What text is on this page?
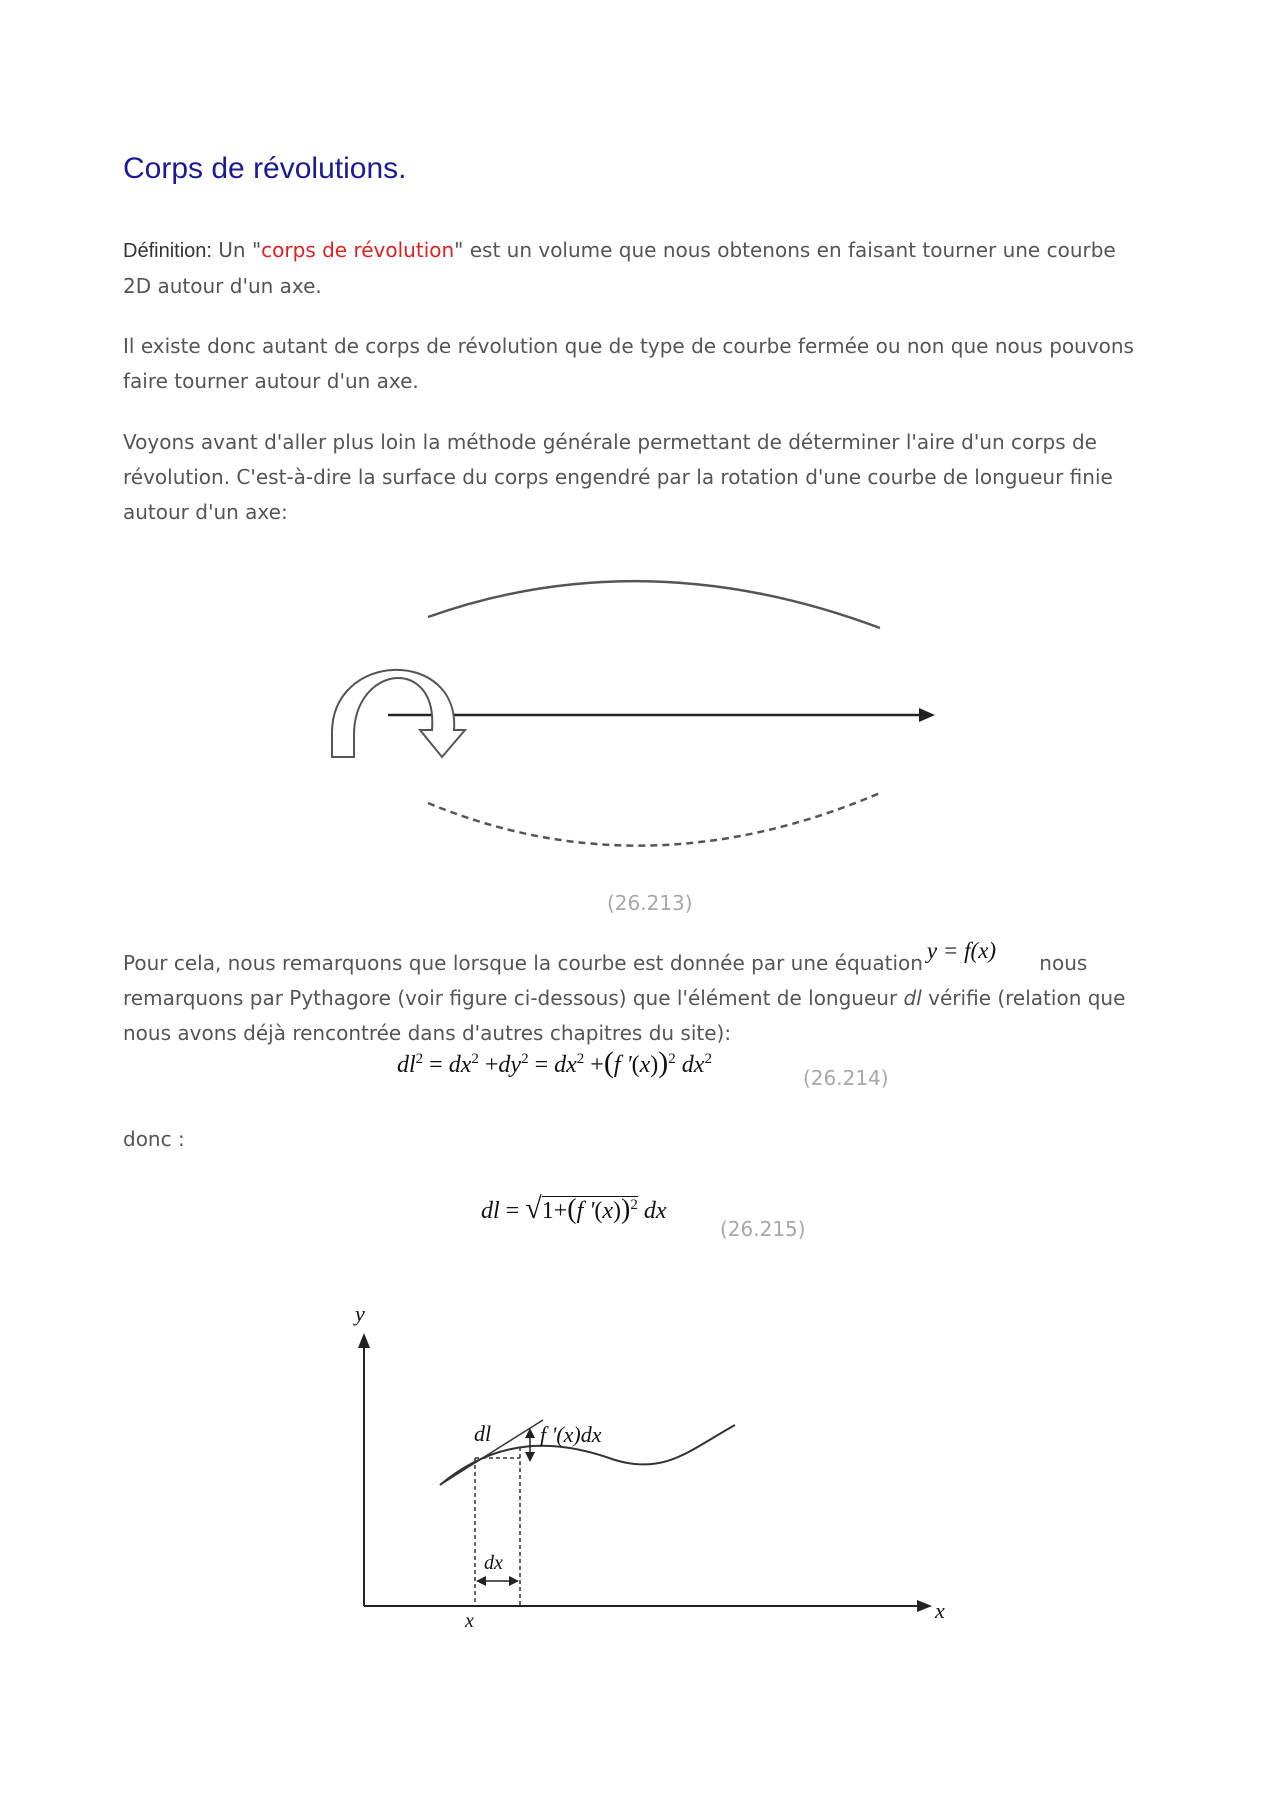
Corps de révolutions.

Définition: Un "corps de révolution" est un volume que nous obtenons en faisant tourner une courbe 2D autour d'un axe.

Il existe donc autant de corps de révolution que de type de courbe fermée ou non que nous pouvons faire tourner autour d'un axe.

Voyons avant d'aller plus loin la méthode générale permettant de déterminer l'aire d'un corps de révolution. C'est-à-dire la surface du corps engendré par la rotation d'une courbe de longueur finie autour d'un axe:

(26.213)

Pour cela, nous remarquons que lorsque la courbe est donnée par une équation y = f(x) nous remarquons par Pythagore (voir figure ci-dessous) que l'élément de longueur dl vérifie (relation que nous avons déjà rencontrée dans d'autres chapitres du site):

$dl^2 = dx^2 +dy^2 = dx^2 +(f$ '(x))$^2$ $dx^2$
(26.214)

donc :

dl = √1+(f '(x))$^2$ dx
(26.215)
y
x
x
dl f '(x)dx
dx
